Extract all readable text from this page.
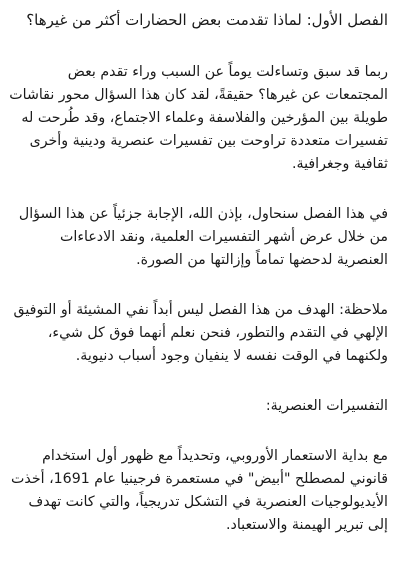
الفصل الأول: لماذا تقدمت بعض الحضارات أكثر من غيرها؟

ربما قد سبق وتساءلت يوماً عن السبب وراء تقدم بعض المجتمعات عن غيرها؟ حقيقةً، لقد كان هذا السؤال محور نقاشات طويلة بين المؤرخين والفلاسفة وعلماء الاجتماع، وقد طُرحت له تفسيرات متعددة تراوحت بين تفسيرات عنصرية ودينية وأخرى ثقافية وجغرافية.

في هذا الفصل سنحاول، بإذن الله، الإجابة جزئياً عن هذا السؤال من خلال عرض أشهر التفسيرات العلمية، ونقد الادعاءات العنصرية لدحضها تماماً وإزالتها من الصورة.

ملاحظة: الهدف من هذا الفصل ليس أبداً نفي المشيئة أو التوفيق الإلهي في التقدم والتطور، فنحن نعلم أنهما فوق كل شيء، ولكنهما في الوقت نفسه لا ينفيان وجود أسباب دنيوية.

التفسيرات العنصرية:

مع بداية الاستعمار الأوروبي، وتحديداً مع ظهور أول استخدام قانوني لمصطلح "أبيض" في مستعمرة فرجينيا عام 1691، أخذت الأيديولوجيات العنصرية في التشكل تدريجياً، والتي كانت تهدف إلى تبرير الهيمنة والاستعباد.
